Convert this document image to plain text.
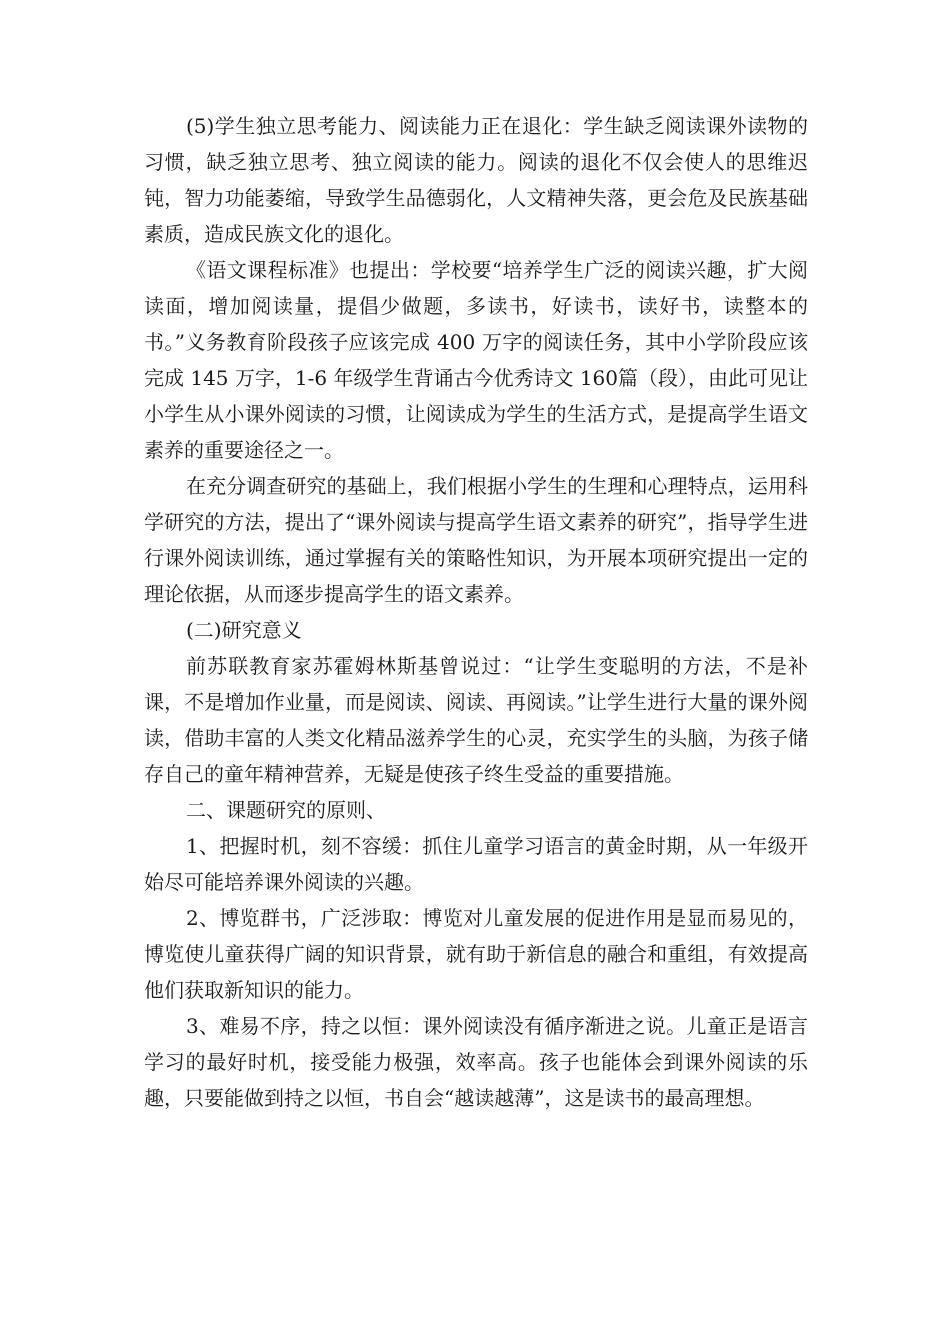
(5)学生独立思考能力、阅读能力正在退化：学生缺乏阅读课外读物的习惯，缺乏独立思考、独立阅读的能力。阅读的退化不仅会使人的思维迟钝，智力功能萎缩，导致学生品德弱化，人文精神失落，更会危及民族基础素质，造成民族文化的退化。

《语文课程标准》也提出：学校要“培养学生广泛的阅读兴趣，扩大阅读面，增加阅读量，提倡少做题，多读书，好读书，读好书，读整本的书。”义务教育阶段孩子应该完成 400 万字的阅读任务，其中小学阶段应该完成 145 万字，1-6 年级学生背诵古今优秀诗文 160篇（段），由此可见让小学生从小课外阅读的习惯，让阅读成为学生的生活方式，是提高学生语文素养的重要途径之一。

在充分调查研究的基础上，我们根据小学生的生理和心理特点，运用科学研究的方法，提出了“课外阅读与提高学生语文素养的研究”，指导学生进行课外阅读训练，通过掌握有关的策略性知识，为开展本项研究提出一定的理论依据，从而逐步提高学生的语文素养。

(二)研究意义

前苏联教育家苏霍姆林斯基曾说过：“让学生变聪明的方法，不是补课，不是增加作业量，而是阅读、阅读、再阅读。”让学生进行大量的课外阅读，借助丰富的人类文化精品滋养学生的心灵，充实学生的头脑，为孩子储存自己的童年精神营养，无疑是使孩子终生受益的重要措施。

二、课题研究的原则、

1、把握时机，刻不容缓：抓住儿童学习语言的黄金时期，从一年级开始尽可能培养课外阅读的兴趣。

2、博览群书，广泛涉取：博览对儿童发展的促进作用是显而易见的，博览使儿童获得广阔的知识背景，就有助于新信息的融合和重组，有效提高他们获取新知识的能力。

3、难易不序，持之以恒：课外阅读没有循序渐进之说。儿童正是语言学习的最好时机，接受能力极强，效率高。孩子也能体会到课外阅读的乐趣，只要能做到持之以恒，书自会“越读越薄”，这是读书的最高理想。
